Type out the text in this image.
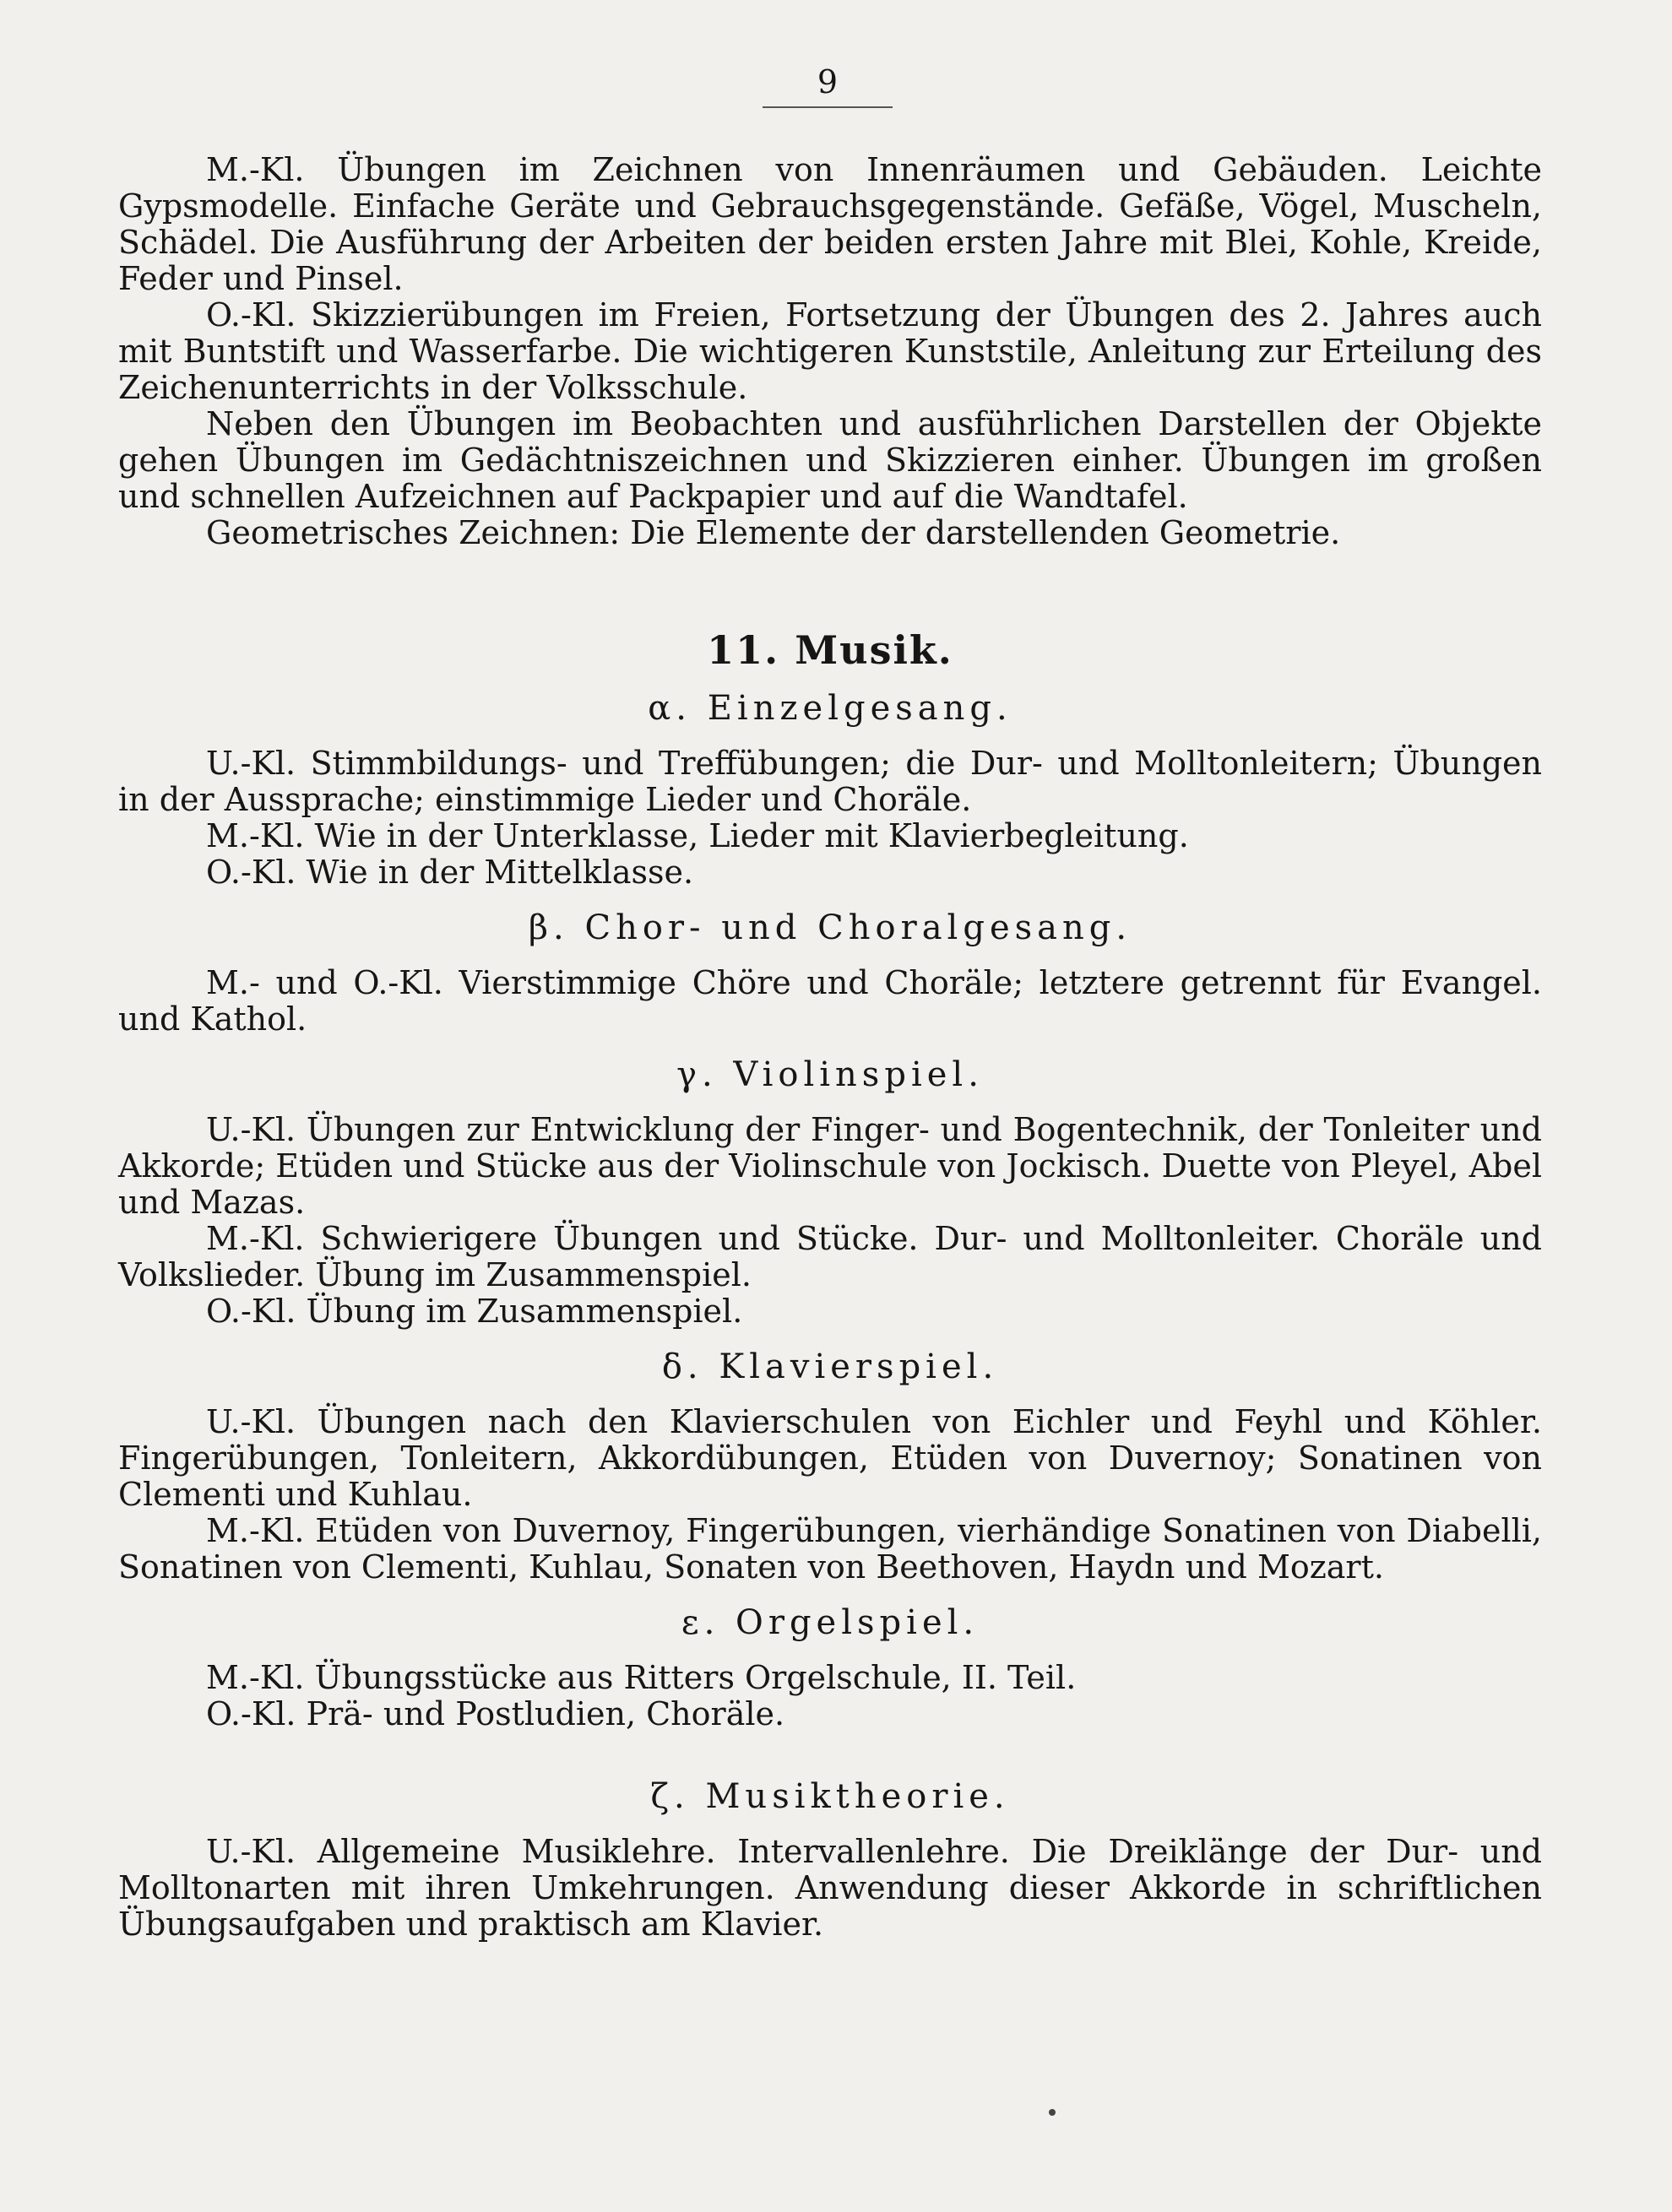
9

M.-Kl. Übungen im Zeichnen von Innenräumen und Gebäuden. Leichte Gypsmodelle. Einfache Geräte und Gebrauchsgegenstände. Gefäße, Vögel, Muscheln, Schädel. Die Ausführung der Arbeiten der beiden ersten Jahre mit Blei, Kohle, Kreide, Feder und Pinsel.

O.-Kl. Skizzierübungen im Freien, Fortsetzung der Übungen des 2. Jahres auch mit Buntstift und Wasserfarbe. Die wichtigeren Kunststile, Anleitung zur Erteilung des Zeichenunterrichts in der Volksschule.

Neben den Übungen im Beobachten und ausführlichen Darstellen der Objekte gehen Übungen im Gedächtniszeichnen und Skizzieren einher. Übungen im großen und schnellen Aufzeichnen auf Packpapier und auf die Wandtafel.

Geometrisches Zeichnen: Die Elemente der darstellenden Geometrie.

11. Musik.
α. Einzelgesang.

U.-Kl. Stimmbildungs- und Treffübungen; die Dur- und Molltonleitern; Übungen in der Aussprache; einstimmige Lieder und Choräle.

M.-Kl. Wie in der Unterklasse, Lieder mit Klavierbegleitung.

O.-Kl. Wie in der Mittelklasse.

β. Chor- und Choralgesang.

M.- und O.-Kl. Vierstimmige Chöre und Choräle; letztere getrennt für Evangel. und Kathol.

γ. Violinspiel.

U.-Kl. Übungen zur Entwicklung der Finger- und Bogentechnik, der Tonleiter und Akkorde; Etüden und Stücke aus der Violinschule von Jockisch. Duette von Pleyel, Abel und Mazas.

M.-Kl. Schwierigere Übungen und Stücke. Dur- und Molltonleiter. Choräle und Volkslieder. Übung im Zusammenspiel.

O.-Kl. Übung im Zusammenspiel.

δ. Klavierspiel.

U.-Kl. Übungen nach den Klavierschulen von Eichler und Feyhl und Köhler. Fingerübungen, Tonleitern, Akkordübungen, Etüden von Duvernoy; Sonatinen von Clementi und Kuhlau.

M.-Kl. Etüden von Duvernoy, Fingerübungen, vierhändige Sonatinen von Diabelli, Sonatinen von Clementi, Kuhlau, Sonaten von Beethoven, Haydn und Mozart.

ε. Orgelspiel.

M.-Kl. Übungsstücke aus Ritters Orgelschule, II. Teil.

O.-Kl. Prä- und Postludien, Choräle.

ζ. Musiktheorie.

U.-Kl. Allgemeine Musiklehre. Intervallenlehre. Die Dreiklänge der Dur- und Molltonarten mit ihren Umkehrungen. Anwendung dieser Akkorde in schriftlichen Übungsaufgaben und praktisch am Klavier.
